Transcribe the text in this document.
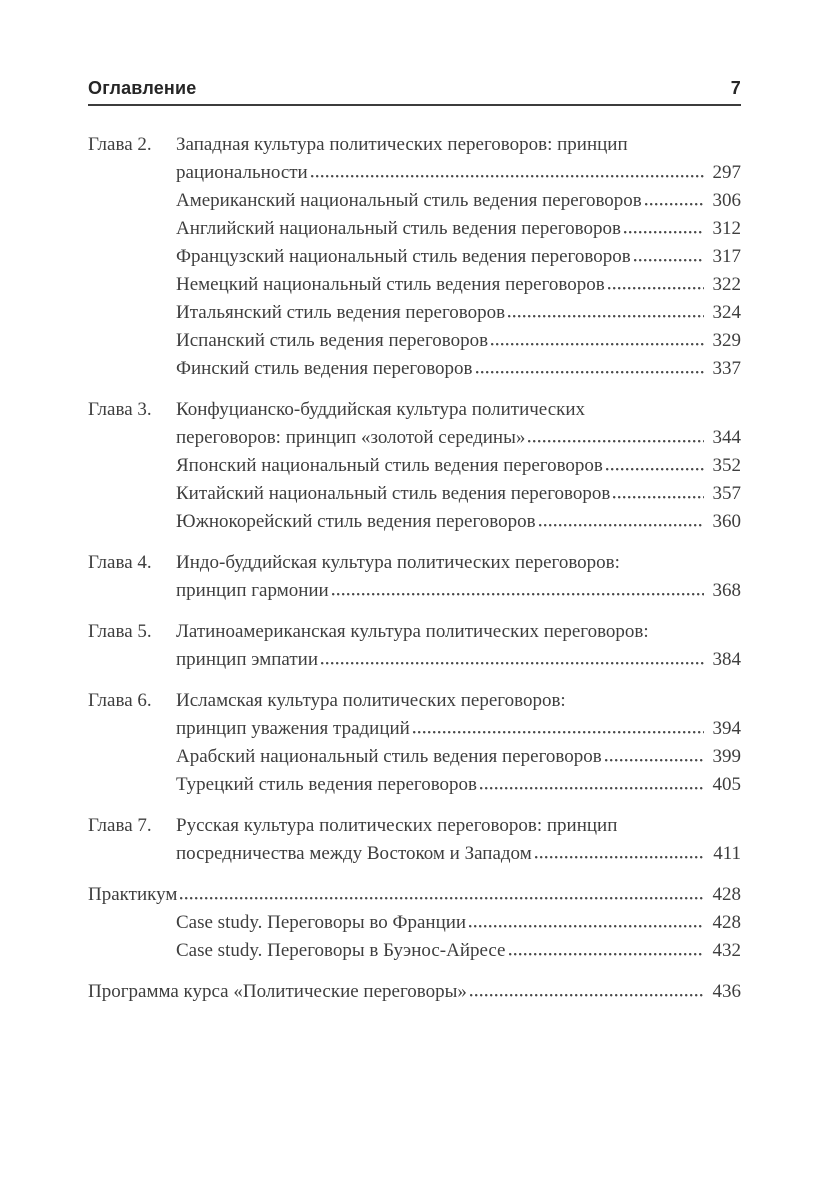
Оглавление	7
Глава 2.	Западная культура политических переговоров: принцип
рациональности	297
Американский национальный стиль ведения переговоров	306
Английский национальный стиль ведения переговоров	312
Французский национальный стиль ведения переговоров	317
Немецкий национальный стиль ведения переговоров	322
Итальянский стиль ведения переговоров	324
Испанский стиль ведения переговоров	329
Финский стиль ведения переговоров	337
Глава 3.	Конфуцианско-буддийская культура политических
переговоров: принцип «золотой середины»	344
Японский национальный стиль ведения переговоров	352
Китайский национальный стиль ведения переговоров	357
Южнокорейский стиль ведения переговоров	360
Глава 4.	Индо-буддийская культура политических переговоров:
принцип гармонии	368
Глава 5.	Латиноамериканская культура политических переговоров:
принцип эмпатии	384
Глава 6.	Исламская культура политических переговоров:
принцип уважения традиций	394
Арабский национальный стиль ведения переговоров	399
Турецкий стиль ведения переговоров	405
Глава 7.	Русская культура политических переговоров: принцип
посредничества между Востоком и Западом	411
Практикум	428
Case study. Переговоры во Франции	428
Case study. Переговоры в Буэнос-Айресе	432
Программа курса «Политические переговоры»	436
